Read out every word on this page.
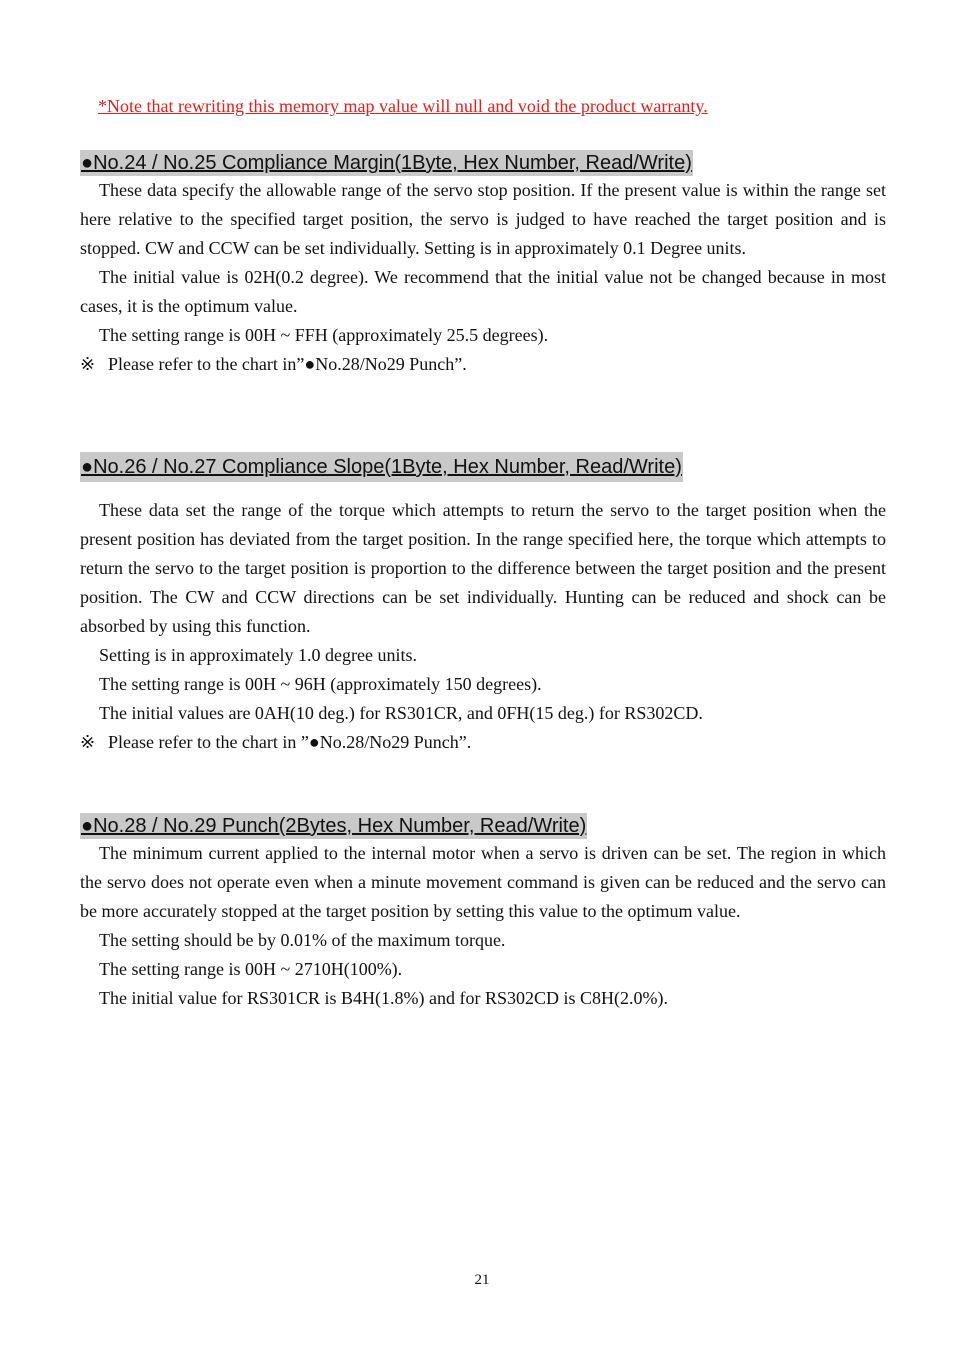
*Note that rewriting this memory map value will null and void the product warranty.
●No.24 / No.25 Compliance Margin(1Byte, Hex Number, Read/Write)

These data specify the allowable range of the servo stop position. If the present value is within the range set here relative to the specified target position, the servo is judged to have reached the target position and is stopped. CW and CCW can be set individually. Setting is in approximately 0.1 Degree units.

The initial value is 02H(0.2 degree). We recommend that the initial value not be changed because in most cases, it is the optimum value.

The setting range is 00H ~ FFH (approximately 25.5 degrees).

※ Please refer to the chart in”●No.28/No29 Punch”.

●No.26 / No.27 Compliance Slope(1Byte, Hex Number, Read/Write)

These data set the range of the torque which attempts to return the servo to the target position when the present position has deviated from the target position. In the range specified here, the torque which attempts to return the servo to the target position is proportion to the difference between the target position and the present position. The CW and CCW directions can be set individually. Hunting can be reduced and shock can be absorbed by using this function.

Setting is in approximately 1.0 degree units.

The setting range is 00H ~ 96H (approximately 150 degrees).

The initial values are 0AH(10 deg.) for RS301CR, and 0FH(15 deg.) for RS302CD.

※ Please refer to the chart in ”●No.28/No29 Punch”.

●No.28 / No.29 Punch(2Bytes, Hex Number, Read/Write)

The minimum current applied to the internal motor when a servo is driven can be set. The region in which the servo does not operate even when a minute movement command is given can be reduced and the servo can be more accurately stopped at the target position by setting this value to the optimum value.

The setting should be by 0.01% of the maximum torque.

The setting range is 00H ~ 2710H(100%).

The initial value for RS301CR is B4H(1.8%) and for RS302CD is C8H(2.0%).

21
